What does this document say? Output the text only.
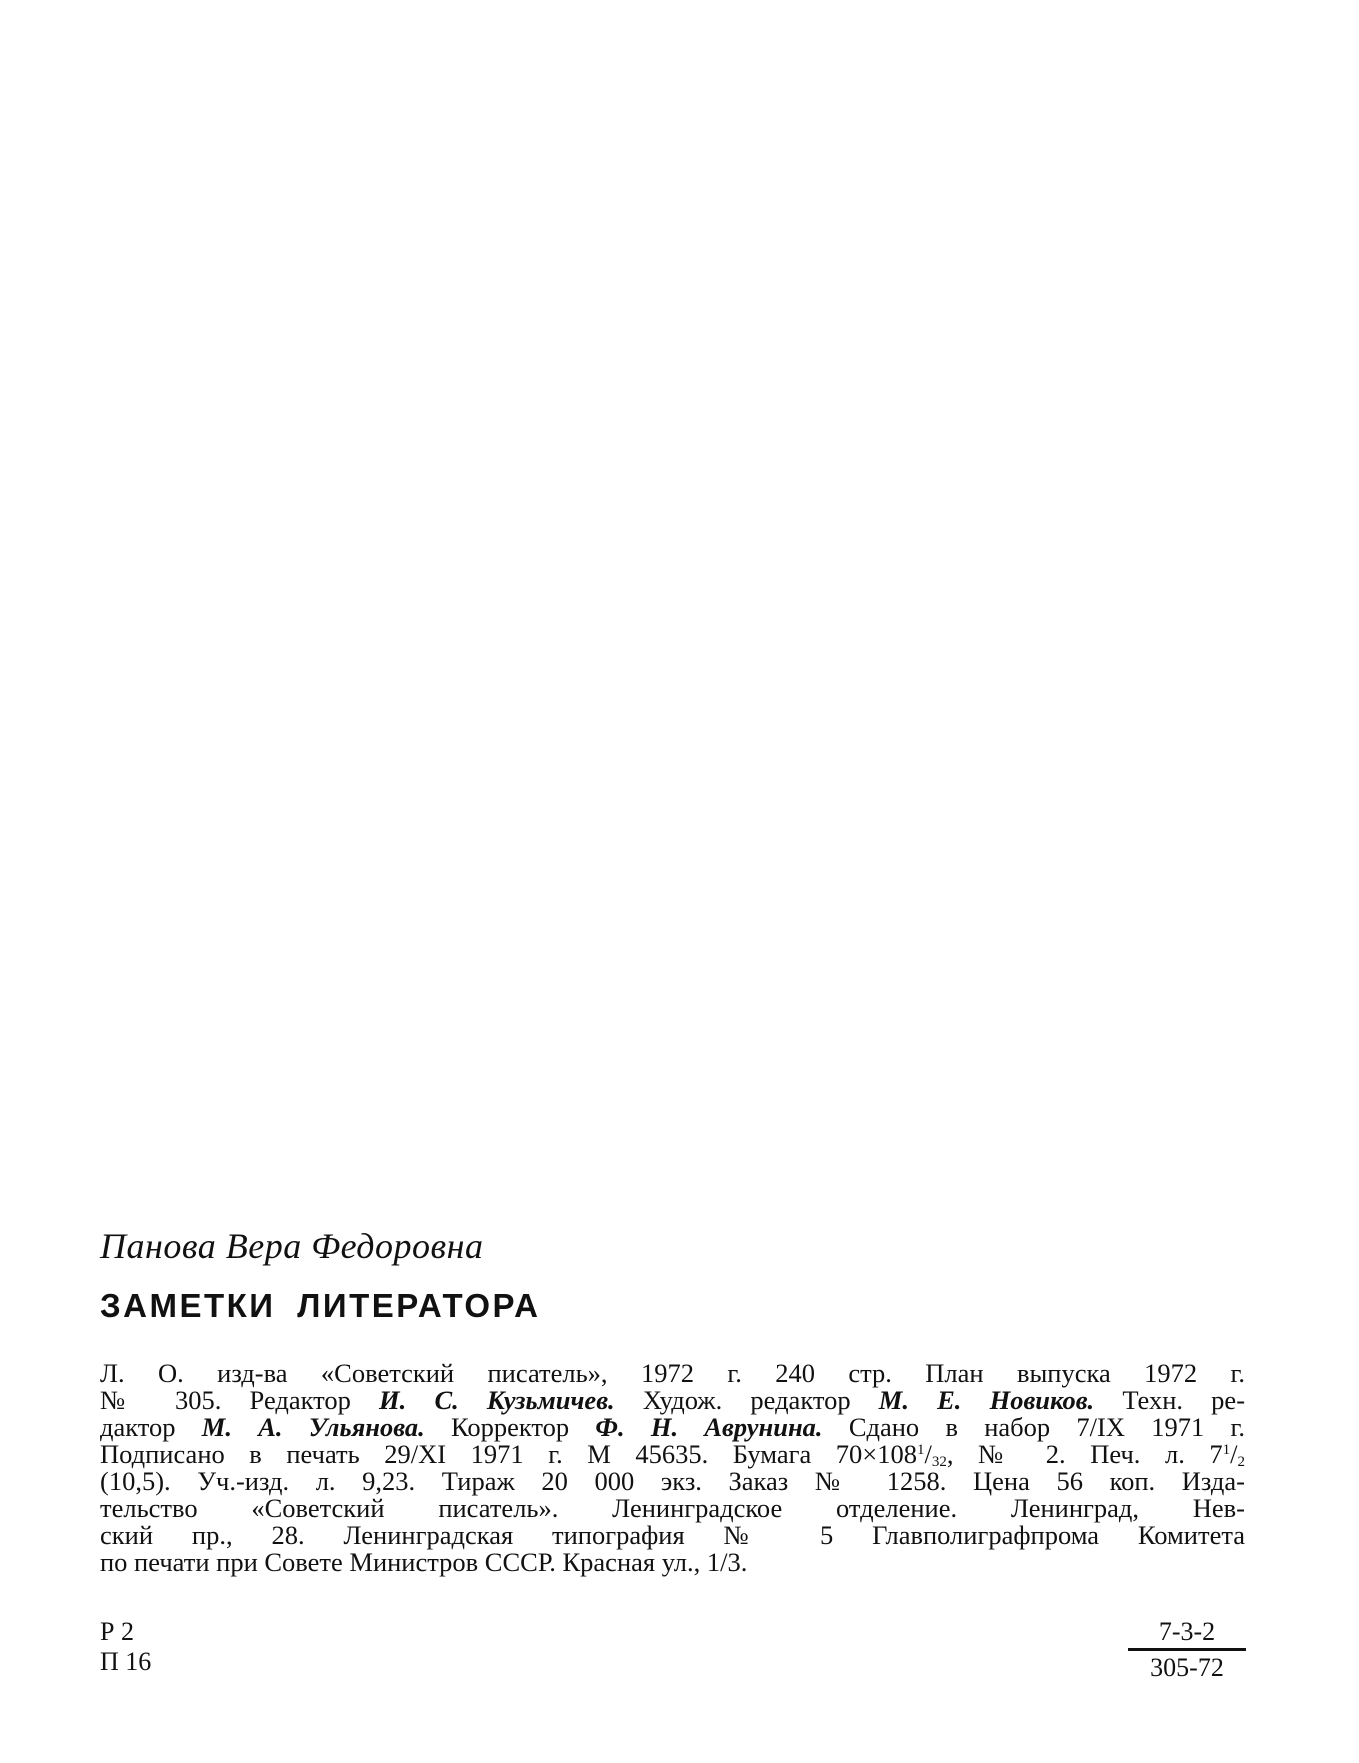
Панова Вера Федоровна
ЗАМЕТКИ ЛИТЕРАТОРА
Л. О. изд-ва «Советский писатель», 1972 г. 240 стр. План выпуска 1972 г.
№ 305. Редактор И. С. Кузьмичев. Худож. редактор М. Е. Новиков. Техн. ре-
дактор М. А. Ульянова. Корректор Ф. Н. Аврунина. Сдано в набор 7/IX 1971 г.
Подписано в печать 29/XI 1971 г. М 45635. Бумага $70\times 108^1/32$, № 2. Печ. л. $7^1/2$
(10,5). Уч.-изд. л. 9,23. Тираж 20 000 экз. Заказ № 1258. Цена 56 коп. Изда-
тельство «Советский писатель». Ленинградское отделение. Ленинград, Нев-
ский пр., 28. Ленинградская типография № 5 Главполиграфпрома Комитета
по печати при Совете Министров СССР. Красная ул., 1/3.
Р 2
П 16
7-3-2
305-72
